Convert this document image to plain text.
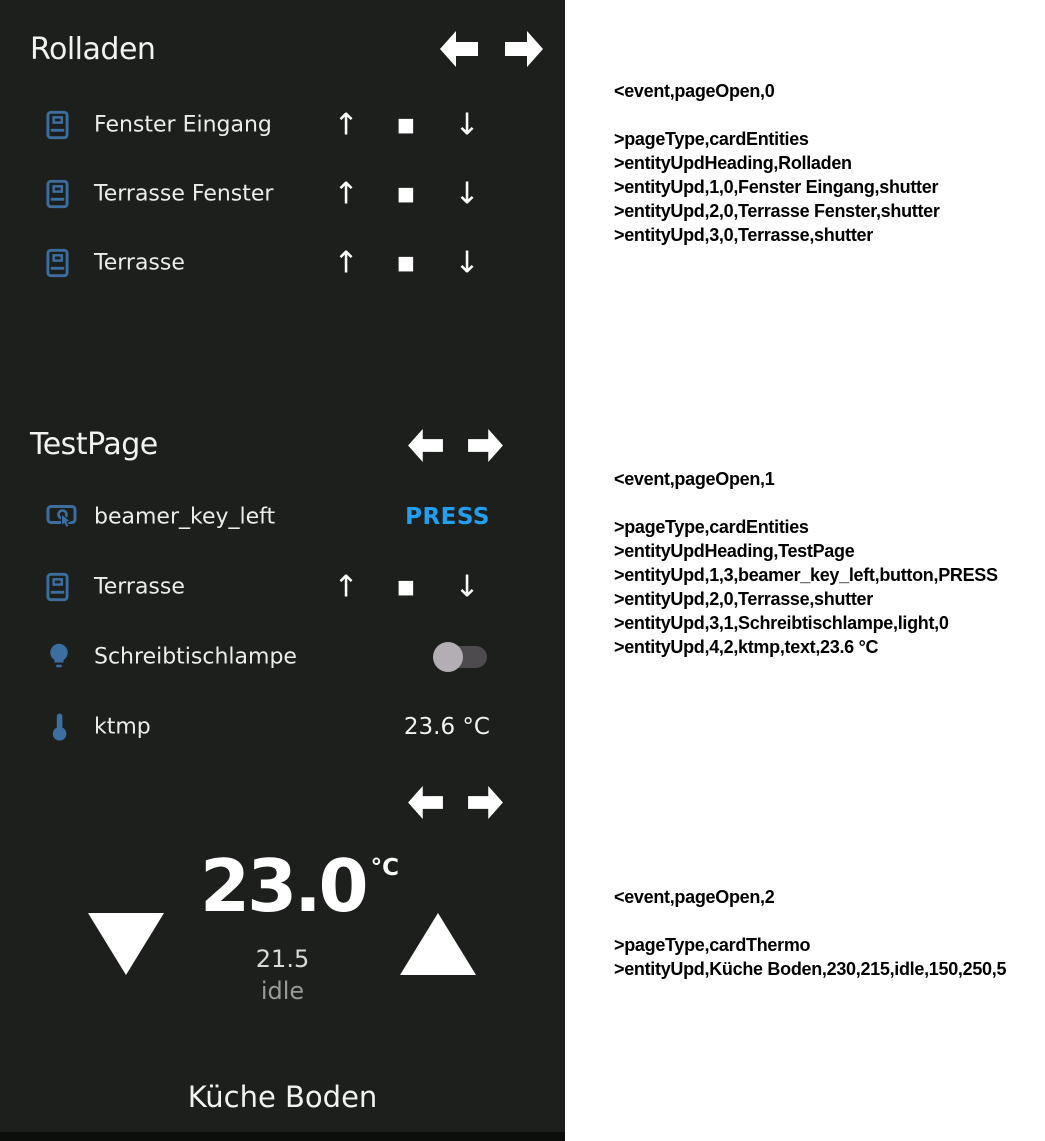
Rolladen
Fenster Eingang ↑	■ ↓
Terrasse Fenster ↑	■ ↓
Terrasse	↑	■ ↓
TestPage
beamer_key_left	PRESS
Terrasse	↑	■ ↓
Schreibtischlampe
ktmp	23.6 °C
23.0 °C
21.5
idle
Küche Boden
<event,pageOpen,0

>pageType,cardEntities
>entityUpdHeading,Rolladen
>entityUpd,1,0,Fenster Eingang,shutter
>entityUpd,2,0,Terrasse Fenster,shutter
>entityUpd,3,0,Terrasse,shutter
<event,pageOpen,1

>pageType,cardEntities
>entityUpdHeading,TestPage
>entityUpd,1,3,beamer_key_left,button,PRESS
>entityUpd,2,0,Terrasse,shutter
>entityUpd,3,1,Schreibtischlampe,light,0
>entityUpd,4,2,ktmp,text,23.6 °C
<event,pageOpen,2

>pageType,cardThermo
>entityUpd,Küche Boden,230,215,idle,150,250,5
